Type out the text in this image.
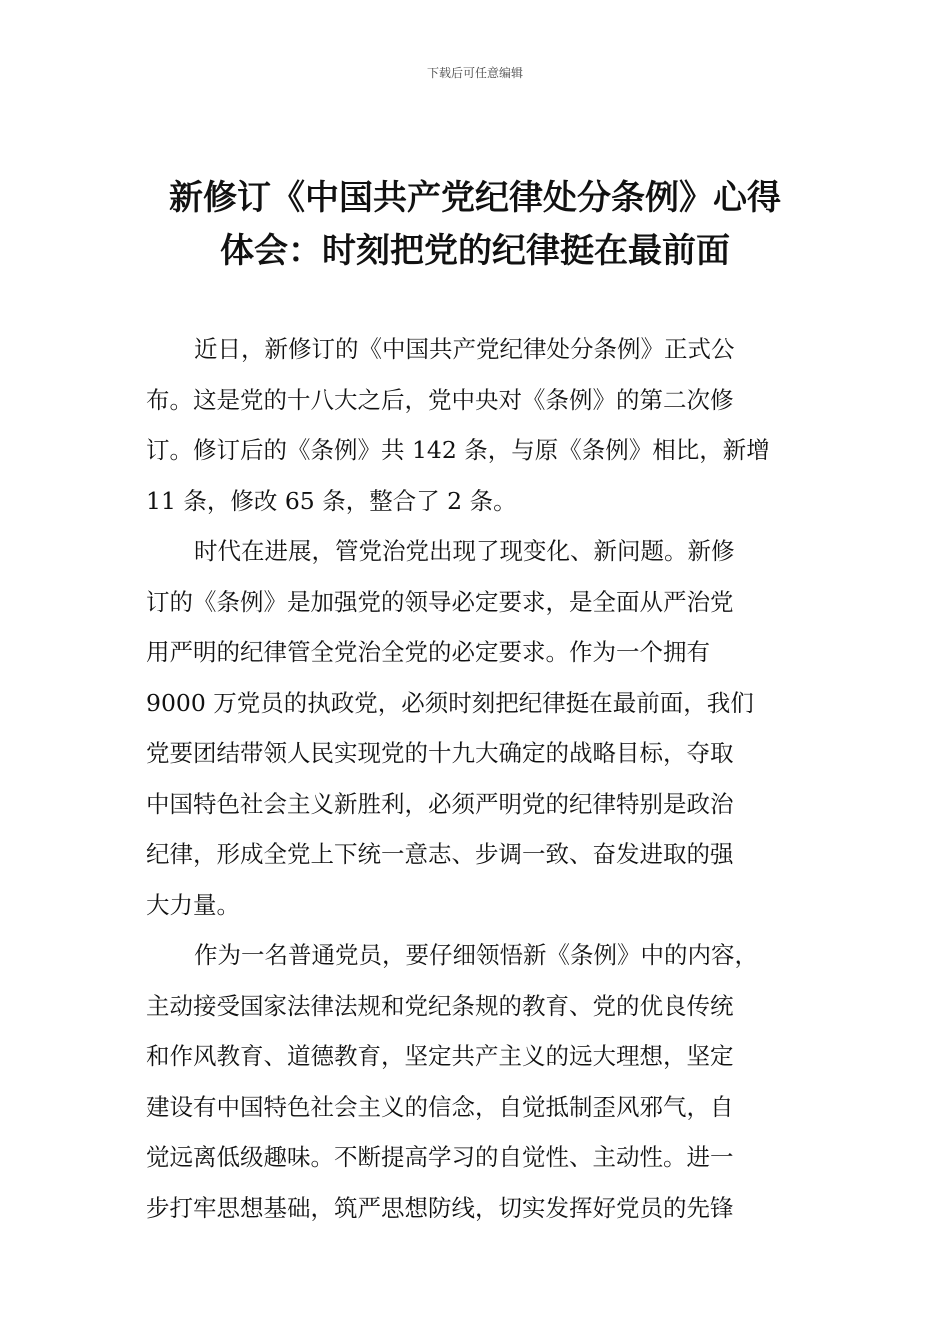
下载后可任意编辑
新修订《中国共产党纪律处分条例》心得
体会：时刻把党的纪律挺在最前面

近日，新修订的《中国共产党纪律处分条例》正式公
布。这是党的十八大之后，党中央对《条例》的第二次修
订。修订后的《条例》共 142 条，与原《条例》相比，新增
11 条，修改 65 条，整合了 2 条。

时代在进展，管党治党出现了现变化、新问题。新修
订的《条例》是加强党的领导必定要求，是全面从严治党
用严明的纪律管全党治全党的必定要求。作为一个拥有
9000 万党员的执政党，必须时刻把纪律挺在最前面，我们
党要团结带领人民实现党的十九大确定的战略目标，夺取
中国特色社会主义新胜利，必须严明党的纪律特别是政治
纪律，形成全党上下统一意志、步调一致、奋发进取的强
大力量。

作为一名普通党员，要仔细领悟新《条例》中的内容，
主动接受国家法律法规和党纪条规的教育、党的优良传统
和作风教育、道德教育，坚定共产主义的远大理想，坚定
建设有中国特色社会主义的信念，自觉抵制歪风邪气，自
觉远离低级趣味。不断提高学习的自觉性、主动性。进一
步打牢思想基础，筑严思想防线，切实发挥好党员的先锋
